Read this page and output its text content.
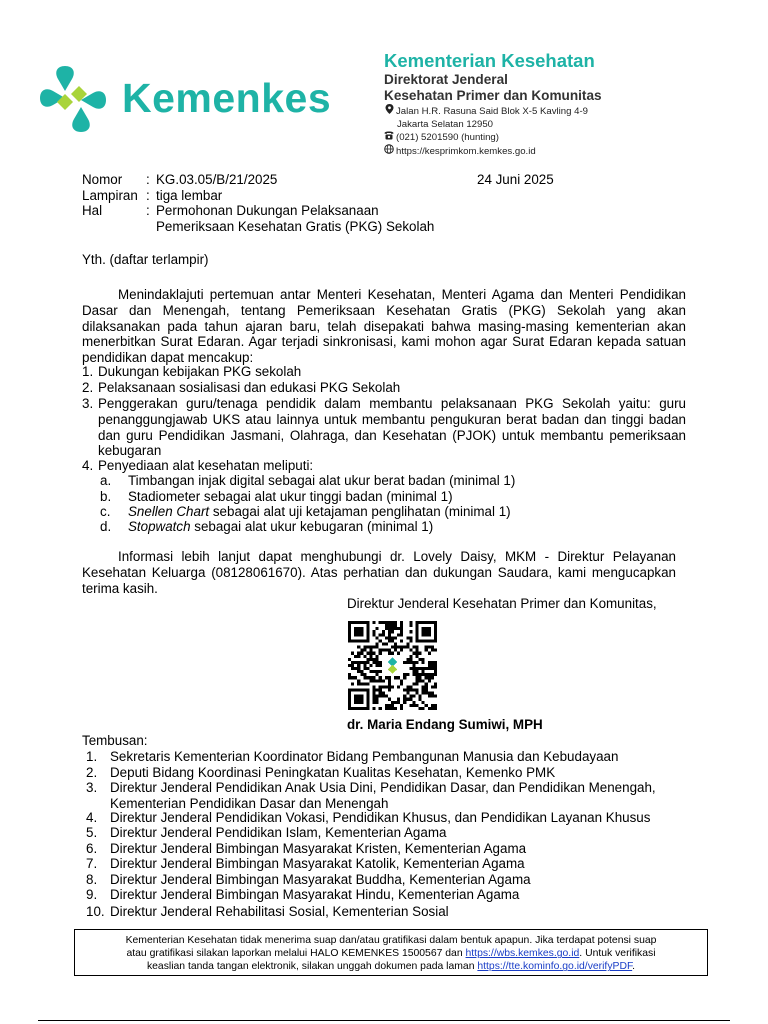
Kemenkes
Kementerian Kesehatan
Direktorat Jenderal
Kesehatan Primer dan Komunitas
Jalan H.R. Rasuna Said Blok X-5 Kavling 4-9
Jakarta Selatan 12950
(021) 5201590 (hunting)
https://kesprimkom.kemkes.go.id
Nomor	: KG.03.05/B/21/2025	24 Juni 2025
Lampiran : tiga lembar
Hal	: Permohonan Dukungan Pelaksanaan
Pemeriksaan Kesehatan Gratis (PKG) Sekolah
Yth. (daftar terlampir)

Menindaklajuti pertemuan antar Menteri Kesehatan, Menteri Agama dan Menteri Pendidikan Dasar dan Menengah, tentang Pemeriksaan Kesehatan Gratis (PKG) Sekolah yang akan dilaksanakan pada tahun ajaran baru, telah disepakati bahwa masing-masing kementerian akan menerbitkan Surat Edaran. Agar terjadi sinkronisasi, kami mohon agar Surat Edaran kepada satuan pendidikan dapat mencakup:

1. Dukungan kebijakan PKG sekolah
2. Pelaksanaan sosialisasi dan edukasi PKG Sekolah
3. Penggerakan guru/tenaga pendidik dalam membantu pelaksanaan PKG Sekolah yaitu: guru penanggungjawab UKS atau lainnya untuk membantu pengukuran berat badan dan tinggi badan dan guru Pendidikan Jasmani, Olahraga, dan Kesehatan (PJOK) untuk membantu pemeriksaan kebugaran
4. Penyediaan alat kesehatan meliputi:
a.	Timbangan injak digital sebagai alat ukur berat badan (minimal 1)
b.	Stadiometer sebagai alat ukur tinggi badan (minimal 1)
c.	Snellen Chart sebagai alat uji ketajaman penglihatan (minimal 1)
d.	Stopwatch sebagai alat ukur kebugaran (minimal 1)

Informasi lebih lanjut dapat menghubungi dr. Lovely Daisy, MKM - Direktur Pelayanan Kesehatan Keluarga (08128061670). Atas perhatian dan dukungan Saudara, kami mengucapkan terima kasih.

Direktur Jenderal Kesehatan Primer dan Komunitas,
dr. Maria Endang Sumiwi, MPH
Tembusan:
1. Sekretaris Kementerian Koordinator Bidang Pembangunan Manusia dan Kebudayaan
2. Deputi Bidang Koordinasi Peningkatan Kualitas Kesehatan, Kemenko PMK
3. Direktur Jenderal Pendidikan Anak Usia Dini, Pendidikan Dasar, dan Pendidikan Menengah, Kementerian Pendidikan Dasar dan Menengah
4. Direktur Jenderal Pendidikan Vokasi, Pendidikan Khusus, dan Pendidikan Layanan Khusus
5. Direktur Jenderal Pendidikan Islam, Kementerian Agama
6. Direktur Jenderal Bimbingan Masyarakat Kristen, Kementerian Agama
7. Direktur Jenderal Bimbingan Masyarakat Katolik, Kementerian Agama
8. Direktur Jenderal Bimbingan Masyarakat Buddha, Kementerian Agama
9. Direktur Jenderal Bimbingan Masyarakat Hindu, Kementerian Agama
10. Direktur Jenderal Rehabilitasi Sosial, Kementerian Sosial
Kementerian Kesehatan tidak menerima suap dan/atau gratifikasi dalam bentuk apapun. Jika terdapat potensi suap
atau gratifikasi silakan laporkan melalui HALO KEMENKES 1500567 dan https://wbs.kemkes.go.id. Untuk verifikasi
keaslian tanda tangan elektronik, silakan unggah dokumen pada laman https://tte.kominfo.go.id/verifyPDF.
